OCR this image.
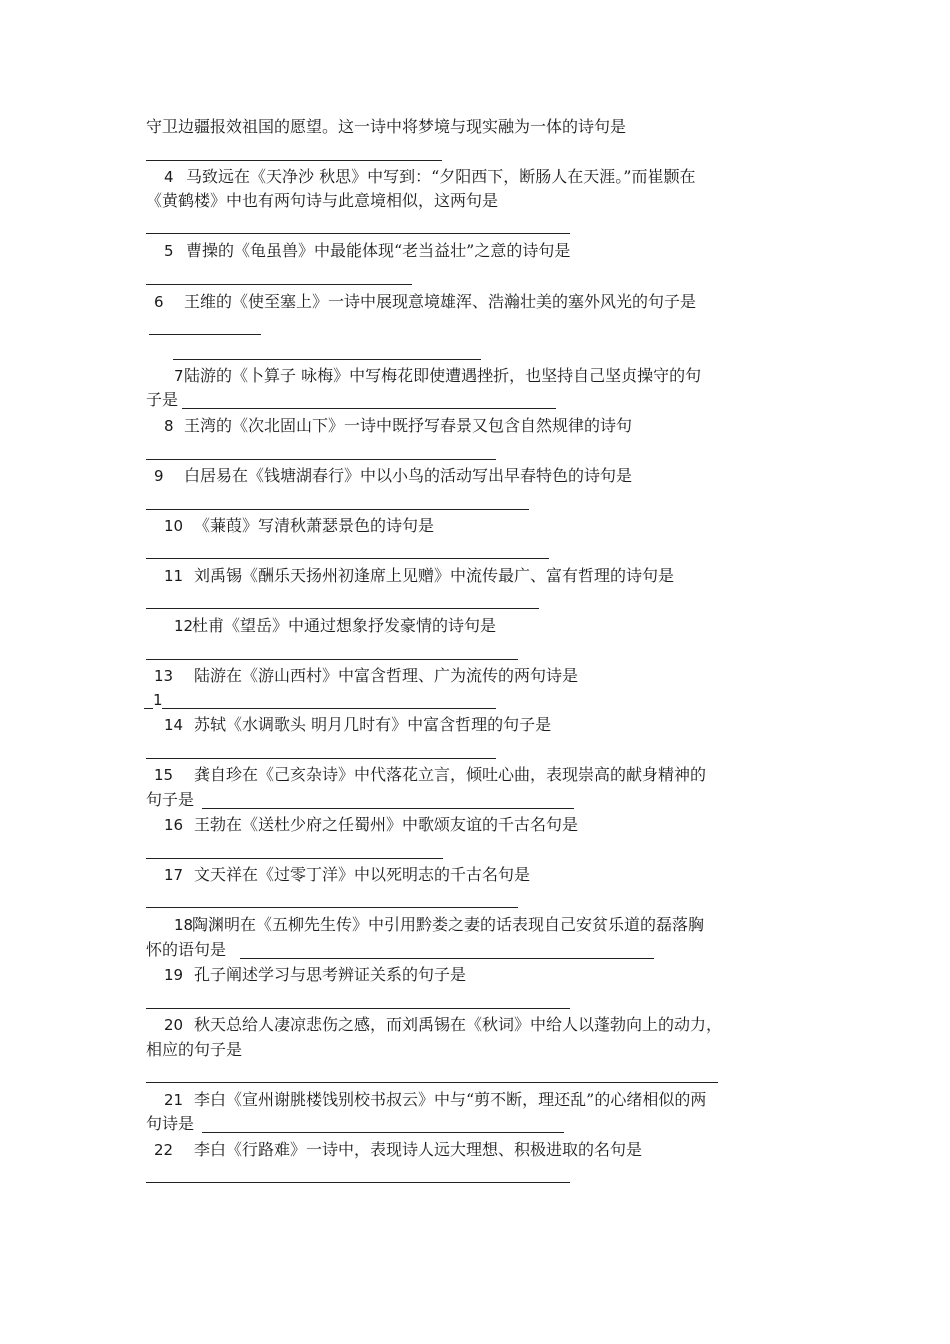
守卫边疆报效祖国的愿望。这一诗中将梦境与现实融为一体的诗句是
4 马致远在《天净沙 秋思》中写到：“夕阳西下，断肠人在天涯。”而崔颢在
《黄鹤楼》中也有两句诗与此意境相似，这两句是
5 曹操的《龟虽兽》中最能体现“老当益壮”之意的诗句是
6 王维的《使至塞上》一诗中展现意境雄浑、浩瀚壮美的塞外风光的句子是
7 陆游的《卜算子 咏梅》中写梅花即使遭遇挫折，也坚持自己坚贞操守的句
子是
8 王湾的《次北固山下》一诗中既抒写春景又包含自然规律的诗句
9 白居易在《钱塘湖春行》中以小鸟的活动写出早春特色的诗句是
10 《蒹葭》写清秋萧瑟景色的诗句是
11 刘禹锡《酬乐天扬州初逢席上见赠》中流传最广、富有哲理的诗句是
12
杜甫《望岳》中通过想象抒发豪情的诗句是
13 陆游在《游山西村》中富含哲理、广为流传的两句诗是
1
14 苏轼《水调歌头 明月几时有》中富含哲理的句子是
15 龚自珍在《己亥杂诗》中代落花立言，倾吐心曲，表现崇高的献身精神的
句子是
16 王勃在《送杜少府之任蜀州》中歌颂友谊的千古名句是
17 文天祥在《过零丁洋》中以死明志的千古名句是
18
陶渊明在《五柳先生传》中引用黔娄之妻的话表现自己安贫乐道的磊落胸
怀的语句是
19 孔子阐述学习与思考辨证关系的句子是
20 秋天总给人凄凉悲伤之感，而刘禹锡在《秋词》中给人以蓬勃向上的动力，
相应的句子是
21 李白《宣州谢朓楼饯别校书叔云》中与“剪不断，理还乱”的心绪相似的两
句诗是
22 李白《行路难》一诗中，表现诗人远大理想、积极进取的名句是
